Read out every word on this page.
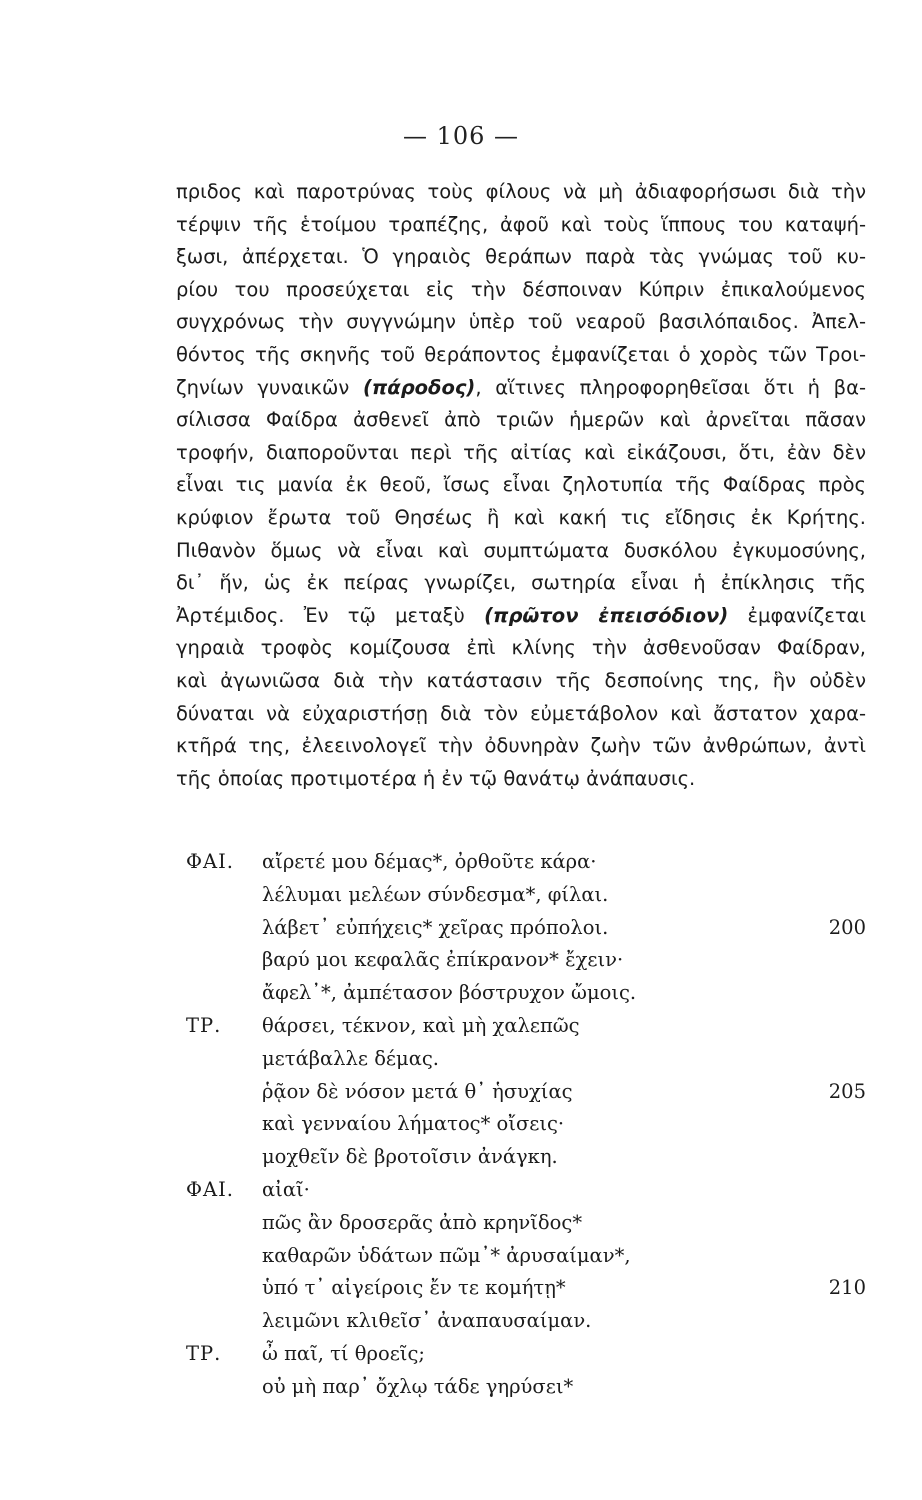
— 106 —
πριδος καὶ παροτρύνας τοὺς φίλους νὰ μὴ ἀδιαφορήσωσι διὰ τὴν
τέρψιν τῆς ἑτοίμου τραπέζης, ἀφοῦ καὶ τοὺς ἵππους του καταψή-
ξωσι, ἀπέρχεται. Ὁ γηραιὸς θεράπων παρὰ τὰς γνώμας τοῦ κυ-
ρίου του προσεύχεται εἰς τὴν δέσποιναν Κύπριν ἐπικαλούμενος
συγχρόνως τὴν συγγνώμην ὑπὲρ τοῦ νεαροῦ βασιλόπαιδος. Ἀπελ-
θόντος τῆς σκηνῆς τοῦ θεράποντος ἐμφανίζεται ὁ χορὸς τῶν Τροι-
ζηνίων γυναικῶν (πάροδος), αἵτινες πληροφορηθεῖσαι ὅτι ἡ βα-
σίλισσα Φαίδρα ἀσθενεῖ ἀπὸ τριῶν ἡμερῶν καὶ ἀρνεῖται πᾶσαν
τροφήν, διαποροῦνται περὶ τῆς αἰτίας καὶ εἰκάζουσι, ὅτι, ἐὰν δὲν
εἶναι τις μανία ἐκ θεοῦ, ἴσως εἶναι ζηλοτυπία τῆς Φαίδρας πρὸς
κρύφιον ἔρωτα τοῦ Θησέως ἢ καὶ κακή τις εἴδησις ἐκ Κρήτης.
Πιθανὸν ὅμως νὰ εἶναι καὶ συμπτώματα δυσκόλου ἐγκυμοσύνης,
δι᾽ ἥν, ὡς ἐκ πείρας γνωρίζει, σωτηρία εἶναι ἡ ἐπίκλησις τῆς
Ἀρτέμιδος. Ἐν τῷ μεταξὺ (πρῶτον ἐπεισόδιον) ἐμφανίζεται
γηραιὰ τροφὸς κομίζουσα ἐπὶ κλίνης τὴν ἀσθενοῦσαν Φαίδραν,
καὶ ἀγωνιῶσα διὰ τὴν κατάστασιν τῆς δεσποίνης της, ἣν οὐδὲν
δύναται νὰ εὐχαριστήσῃ διὰ τὸν εὐμετάβολον καὶ ἄστατον χαρα-
κτῆρά της, ἐλεεινολογεῖ τὴν ὀδυνηρὰν ζωὴν τῶν ἀνθρώπων, ἀντὶ
τῆς ὁποίας προτιμοτέρα ἡ ἐν τῷ θανάτῳ ἀνάπαυσις.
ΦΑΙ.	αἴρετέ μου δέμας*, ὀρθοῦτε κάρα·
λέλυμαι μελέων σύνδεσμα*, φίλαι.
λάβετ᾽ εὐπήχεις* χεῖρας πρόπολοι.	200
βαρύ μοι κεφαλᾶς ἐπίκρανον* ἔχειν·
ἄφελ᾽*, ἀμπέτασον βόστρυχον ὤμοις.
ΤΡ.	θάρσει, τέκνον, καὶ μὴ χαλεπῶς
μετάβαλλε δέμας.
ῥᾷον δὲ νόσον μετά θ᾽ ἡσυχίας	205
καὶ γενναίου λήματος* οἴσεις·
μοχθεῖν δὲ βροτοῖσιν ἀνάγκη.
ΦΑΙ.	αἰαῖ·
πῶς ἂν δροσερᾶς ἀπὸ κρηνῖδος*
καθαρῶν ὑδάτων πῶμ᾽* ἀρυσαίμαν*,
ὑπό τ᾽ αἰγείροις ἔν τε κομήτῃ*	210
λειμῶνι κλιθεῖσ᾽ ἀναπαυσαίμαν.
ΤΡ.	ὦ παῖ, τί θροεῖς;
οὐ μὴ παρ᾽ ὄχλῳ τάδε γηρύσει*
